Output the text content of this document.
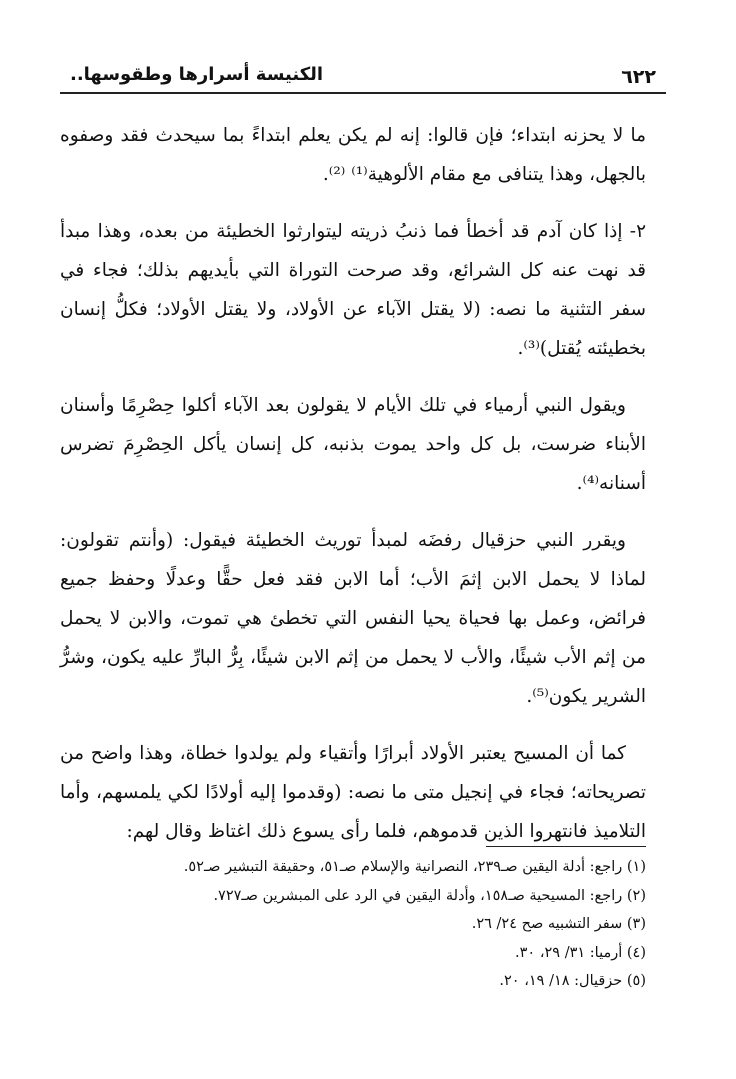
٦٢٢
الكنيسة أسرارها وطقوسها..

ما لا يحزنه ابتداء؛ فإن قالوا: إنه لم يكن يعلم ابتداءً بما سيحدث فقد وصفوه بالجهل، وهذا يتنافى مع مقام الألوهية⁽¹⁾ ⁽²⁾.

٢- إذا كان آدم قد أخطأ فما ذنبُ ذريته ليتوارثوا الخطيئة من بعده، وهذا مبدأ قد نهت عنه كل الشرائع، وقد صرحت التوراة التي بأيديهم بذلك؛ فجاء في سفر التثنية ما نصه: (لا يقتل الآباء عن الأولاد، ولا يقتل الأولاد؛ فكلُّ إنسان بخطيئته يُقتل)⁽³⁾.

ويقول النبي أرمياء في تلك الأيام لا يقولون بعد الآباء أكلوا حِصْرِمًا وأسنان الأبناء ضرست، بل كل واحد يموت بذنبه، كل إنسان يأكل الحِصْرِمَ تضرس أسنانه⁽⁴⁾.

ويقرر النبي حزقيال رفضَه لمبدأ توريث الخطيئة فيقول: (وأنتم تقولون: لماذا لا يحمل الابن إثمَ الأب؛ أما الابن فقد فعل حقًّا وعدلًا وحفظ جميع فرائض، وعمل بها فحياة يحيا النفس التي تخطئ هي تموت، والابن لا يحمل من إثم الأب شيئًا، والأب لا يحمل من إثم الابن شيئًا، بِرُّ البارِّ عليه يكون، وشرُّ الشرير يكون⁽⁵⁾.

كما أن المسيح يعتبر الأولاد أبرارًا وأتقياء ولم يولدوا خطاة، وهذا واضح من تصريحاته؛ فجاء في إنجيل متى ما نصه: (وقدموا إليه أولادًا لكي يلمسهم، وأما التلاميذ فانتهروا الذين قدموهم، فلما رأى يسوع ذلك اغتاظ وقال لهم:

(١) راجع: أدلة اليقين صـ٢٣٩، النصرانية والإسلام صـ٥١، وحقيقة التبشير صـ٥٢.

(٢) راجع: المسيحية صـ١٥٨، وأدلة اليقين في الرد على المبشرين صـ٧٢٧.

(٣) سفر التشبيه صح ٢٤/ ٢٦.

(٤) أرميا: ٣١/ ٢٩، ٣٠.

(٥) حزقيال: ١٨/ ١٩، ٢٠.
